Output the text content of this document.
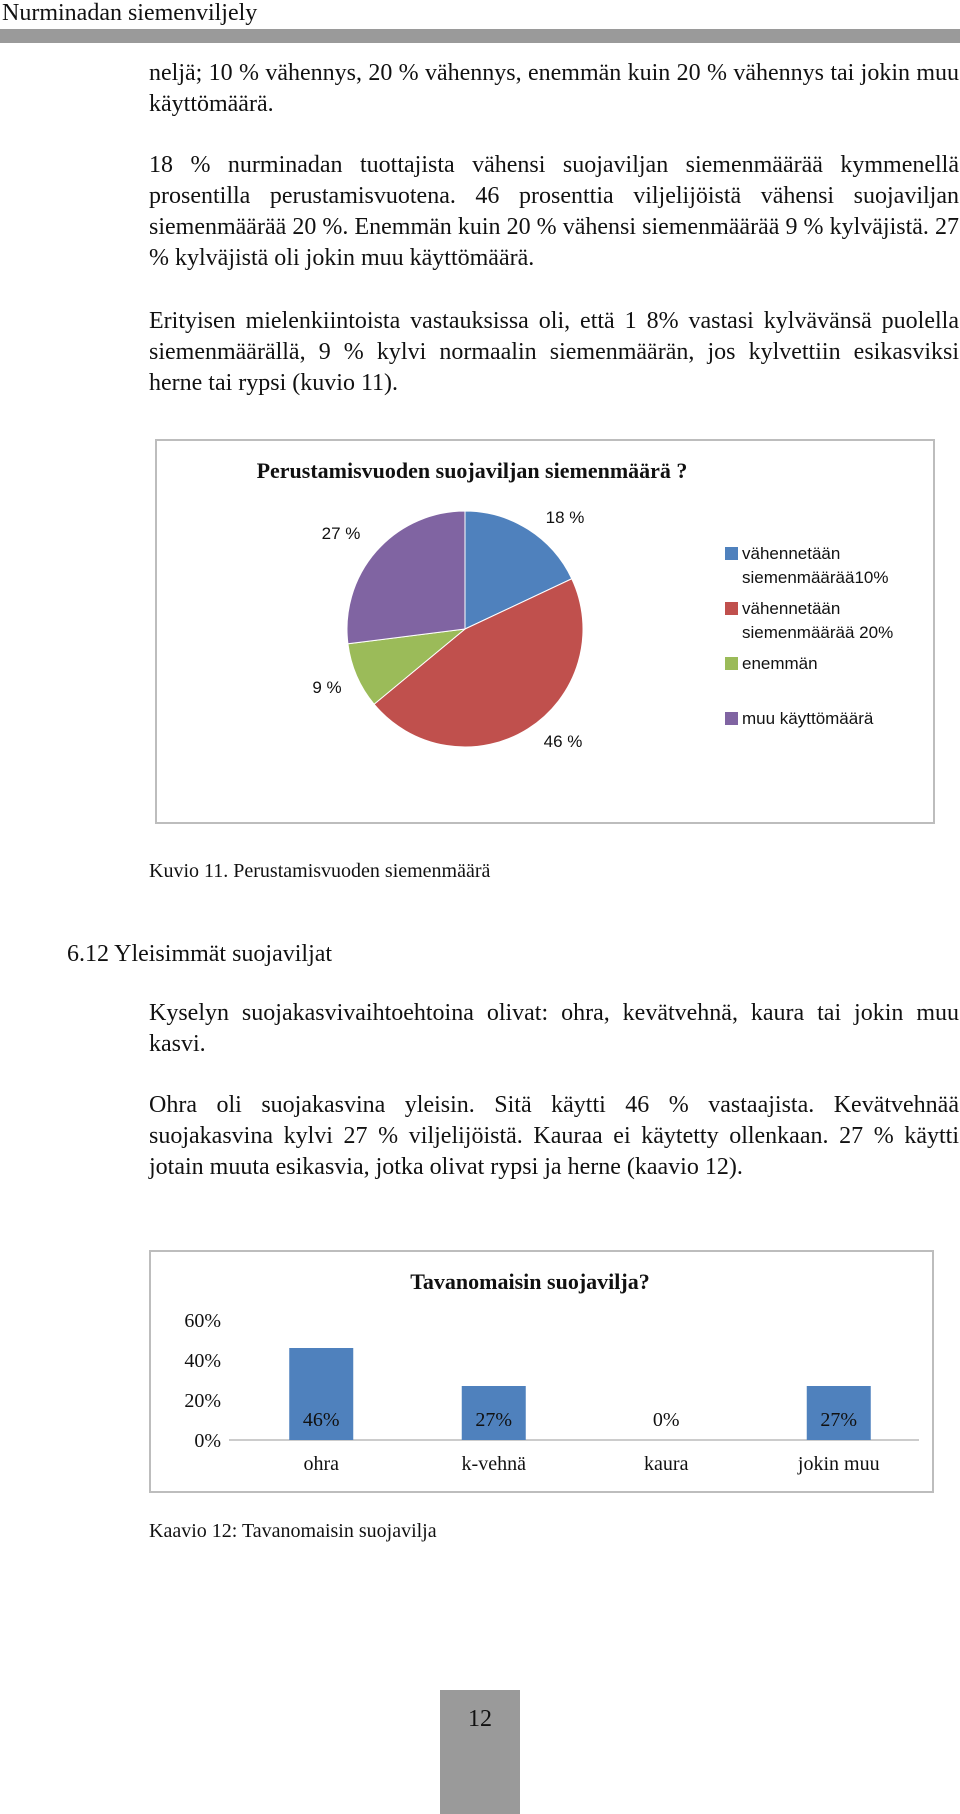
Nurminadan siemenviljely

neljä; 10 % vähennys, 20 % vähennys, enemmän kuin 20 % vähennys tai jokin muu käyttömäärä.

18 % nurminadan tuottajista vähensi suojaviljan siemenmäärää kymmenellä prosentilla perustamisvuotena. 46 prosenttia viljelijöistä vähensi suojaviljan siemenmäärää 20 %. Enemmän kuin 20 % vähensi siemenmäärää 9 % kylväjistä. 27 % kylväjistä oli jokin muu käyttömäärä.

Erityisen mielenkiintoista vastauksissa oli, että 1 8% vastasi kylvävänsä puolella siemenmäärällä, 9 % kylvi normaalin siemenmäärän, jos kylvettiin esikasviksi herne tai rypsi (kuvio 11).

Perustamisvuoden suojaviljan siemenmäärä ?
18 %
46 %
9 %
27 %
vähennetään siemenmäärää10%
vähennetään siemenmäärää 20%
enemmän
muu käyttömäärä

Kuvio 11. Perustamisvuoden siemenmäärä

6.12 Yleisimmät suojaviljat

Kyselyn suojakasvivaihtoehtoina olivat: ohra, kevätvehnä, kaura tai jokin muu kasvi.

Ohra oli suojakasvina yleisin. Sitä käytti 46 % vastaajista. Kevätvehnää suojakasvina kylvi 27 % viljelijöistä. Kauraa ei käytetty ollenkaan. 27 % käytti jotain muuta esikasvia, jotka olivat rypsi ja herne (kaavio 12).

Tavanomaisin suojavilja?
0%
20%
40%
60%
46%
ohra
27%
k-vehnä
0%
kaura
27%
jokin muu

Kaavio 12: Tavanomaisin suojavilja

12
